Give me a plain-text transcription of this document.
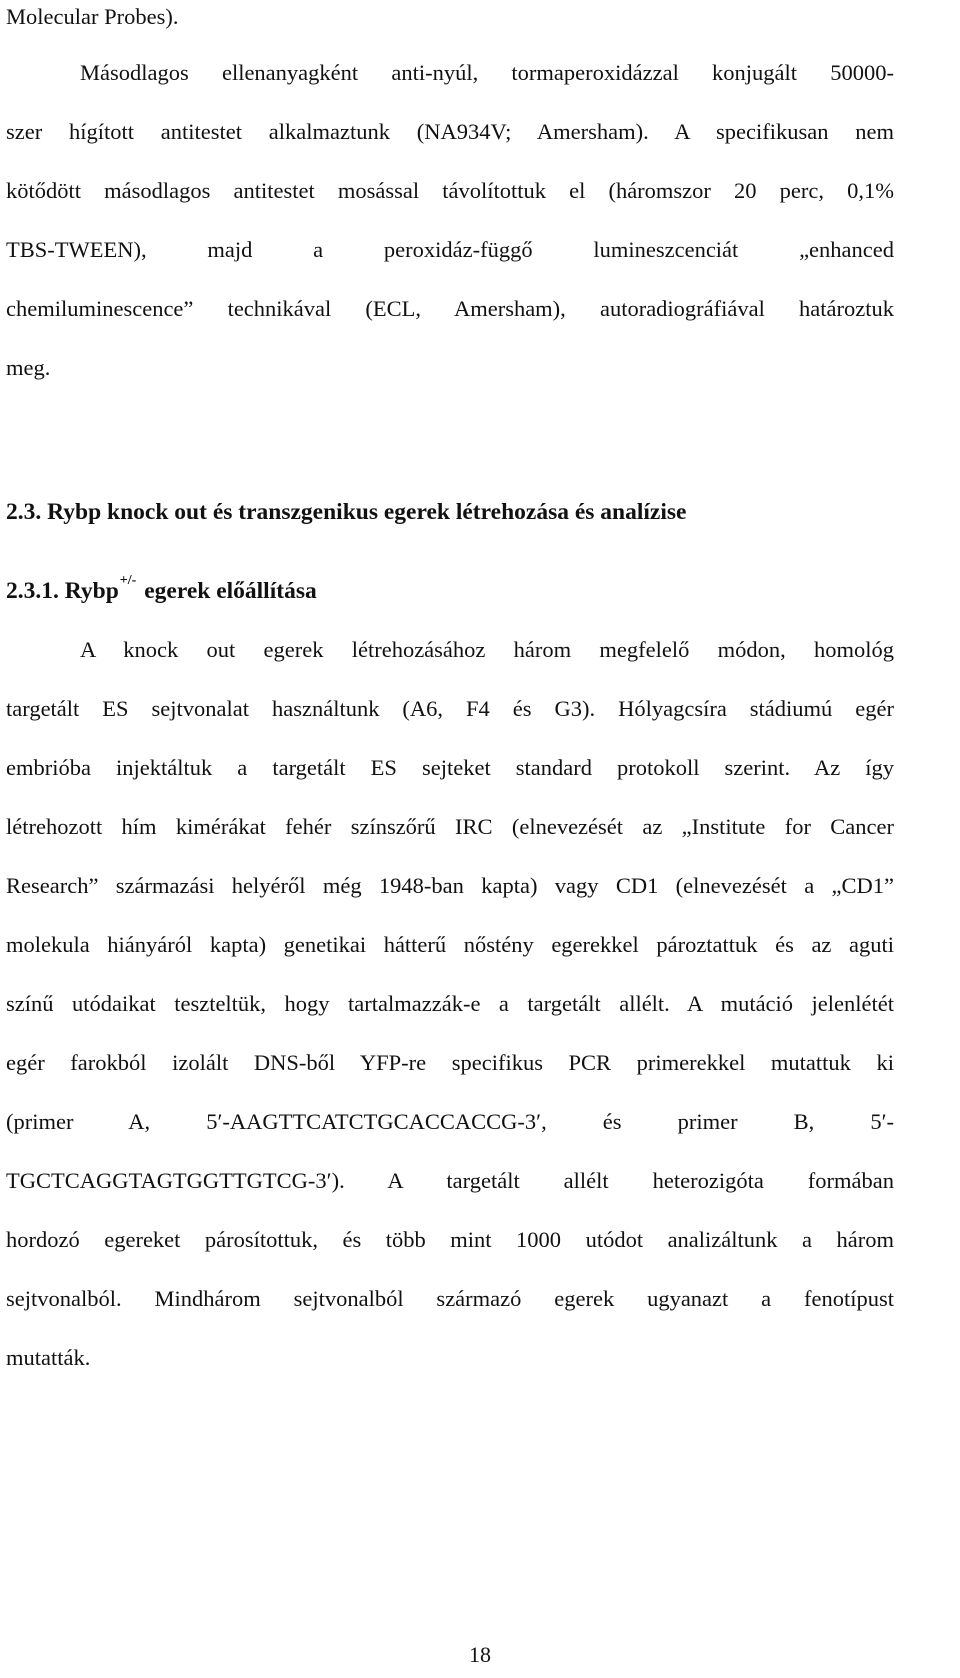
Molecular Probes).
Másodlagos ellenanyagként anti-nyúl, tormaperoxidázzal konjugált 50000-
szer hígított antitestet alkalmaztunk (NA934V; Amersham). A specifikusan nem
kötődött másodlagos antitestet mosással távolítottuk el (háromszor 20 perc, 0,1%
TBS-TWEEN), majd a peroxidáz-függő lumineszcenciát „enhanced
chemiluminescence” technikával (ECL, Amersham), autoradiográfiával határoztuk
meg.
2.3. Rybp knock out és transzgenikus egerek létrehozása és analízise
2.3.1. Rybp+/- egerek előállítása
A knock out egerek létrehozásához három megfelelő módon, homológ
targetált ES sejtvonalat használtunk (A6, F4 és G3). Hólyagcsíra stádiumú egér
embrióba injektáltuk a targetált ES sejteket standard protokoll szerint. Az így
létrehozott hím kimérákat fehér színszőrű IRC (elnevezését az „Institute for Cancer
Research” származási helyéről még 1948-ban kapta) vagy CD1 (elnevezését a „CD1”
molekula hiányáról kapta) genetikai hátterű nőstény egerekkel pároztattuk és az aguti
színű utódaikat teszteltük, hogy tartalmazzák-e a targetált allélt. A mutáció jelenlétét
egér farokból izolált DNS-ből YFP-re specifikus PCR primerekkel mutattuk ki
(primer A, 5′-AAGTTCATCTGCACCACCG-3′, és primer B, 5′-
TGCTCAGGTAGTGGTTGTCG-3′). A targetált allélt heterozigóta formában
hordozó egereket párosítottuk, és több mint 1000 utódot analizáltunk a három
sejtvonalból. Mindhárom sejtvonalból származó egerek ugyanazt a fenotípust
mutatták.
18
